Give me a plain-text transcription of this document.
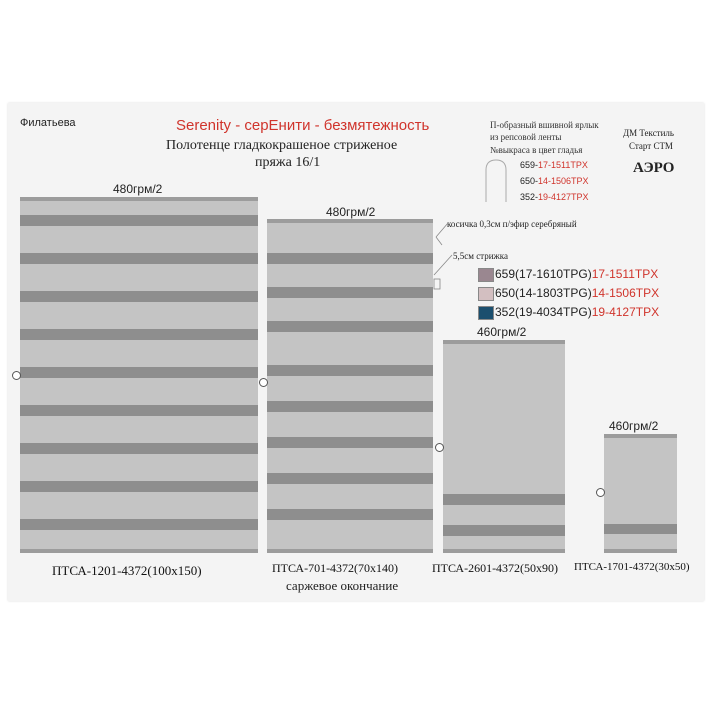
Филатьева	Serenity - серЕнити - безмятежность
Полотенце гладкокрашеное стриженое
пряжа 16/1
П-образный вшивной ярлык
из репсовой ленты
№выкраса в цвет гладья
659-17-1511TPX
650-14-1506TPX
352-19-4127TPX
ДМ Текстиль
Старт СТМ
АЭРО
косичка 0,3см п/эфир серебряный
5,5см стрижка
659(17-1610TPG)17-1511TPX
650(14-1803TPG)14-1506TPX
352(19-4034TPG)19-4127TPX
480грм/2
ПТСА-1201-4372(100х150)
480грм/2
ПТСА-701-4372(70х140)
460грм/2
ПТСА-2601-4372(50х90)
460грм/2
ПТСА-1701-4372(30х50)
саржевое окончание
